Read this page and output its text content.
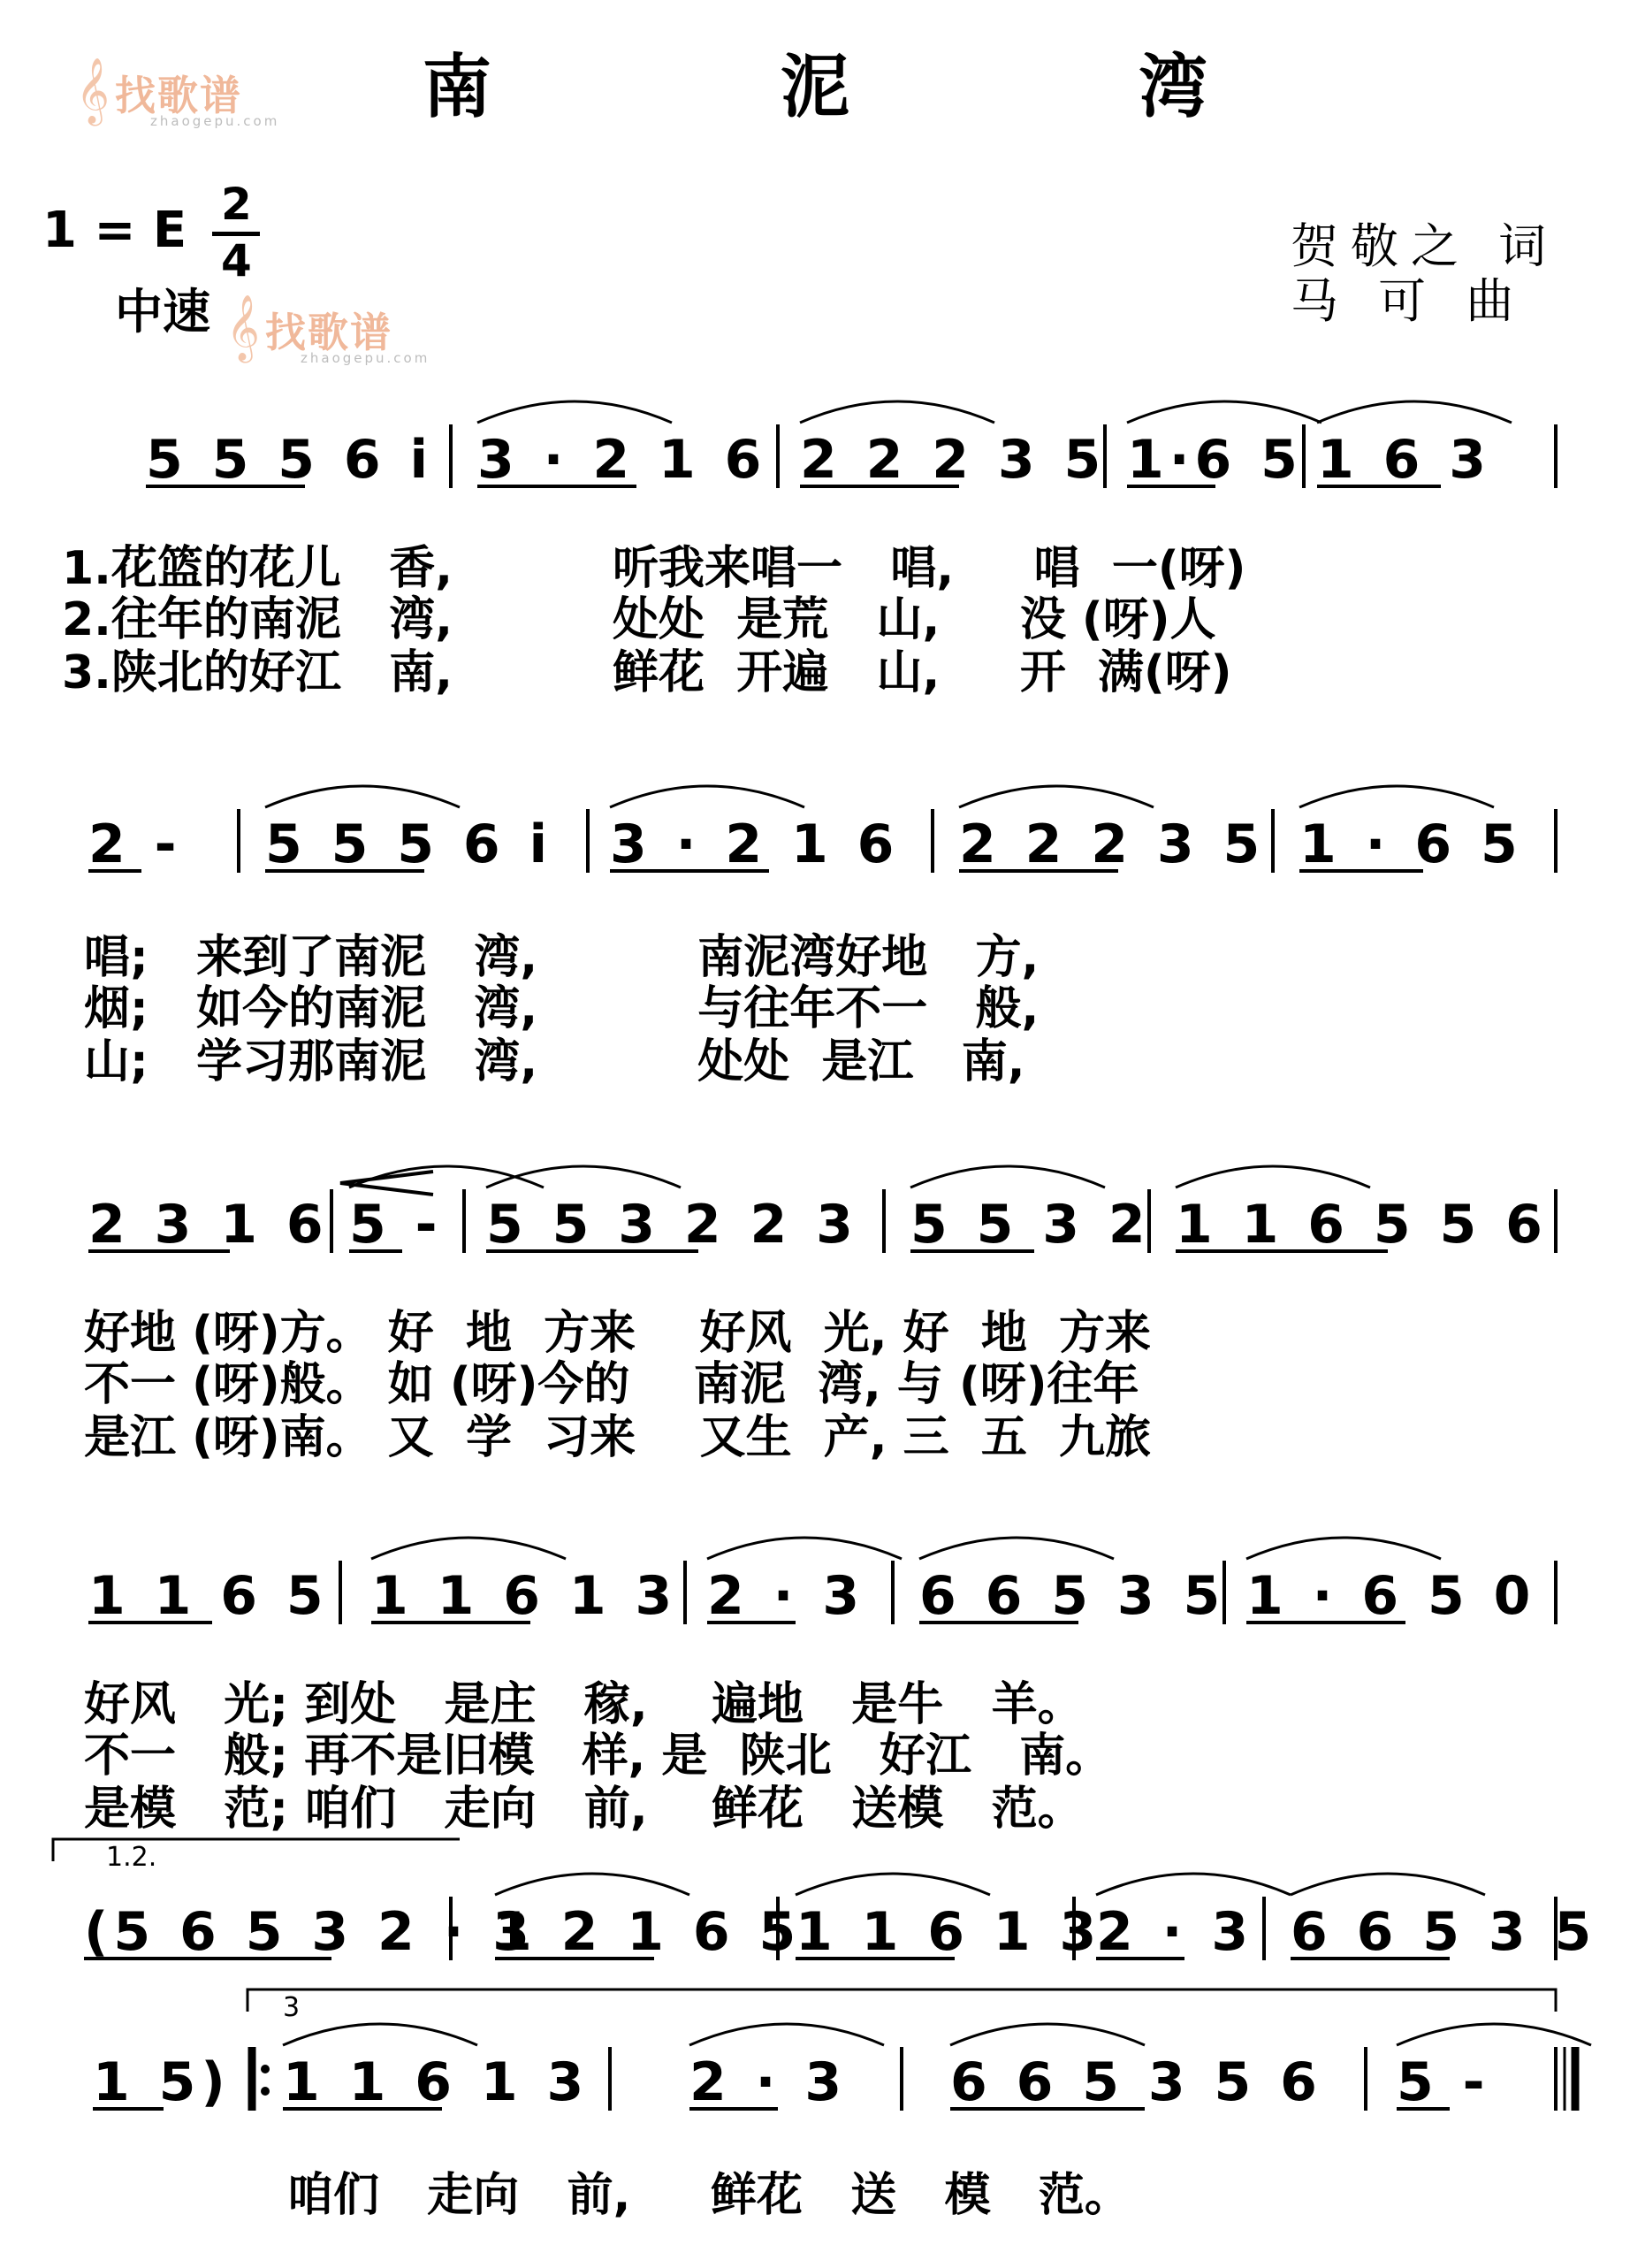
南 泥 湾
𝄞 找歌谱
zhaogepu.com
𝄞 找歌谱
zhaogepu.com
1 = E 2
4
中速
贺敬之 词
马 可 曲
5 5 5 6 i 3 · 2 1 6 2 2 2 3 5 1·6 5 1 6 3
1.花篮的花儿   香,          听我来唱一   唱,     唱  一(呀)
2.往年的南泥   湾,          处处  是荒   山,     没 (呀)人
3.陕北的好江   南,          鲜花  开遍   山,     开  满(呀)
2 - 5 5 5 6 i 3 · 2 1 6 2 2 2 3 5 1 · 6 5
唱;   来到了南泥   湾,          南泥湾好地   方,
烟;   如今的南泥   湾,          与往年不一   般,
山;   学习那南泥   湾,          处处  是江   南,
2 3 1 6 5 - 5 5 3 2 2 3 5 5 3 2 1 1 6 5 5 6
好地 (呀)方。 好  地  方来    好风  光, 好  地  方来
不一 (呀)般。 如 (呀)今的    南泥  湾, 与 (呀)往年
是江 (呀)南。 又  学  习来    又生  产, 三  五  九旅
1 1 6 5 1 1 6 1 3 2 · 3 6 6 5 3 5 1 · 6 5 0
好风   光; 到处   是庄   稼,    遍地   是牛   羊。
不一   般; 再不是旧模   样, 是  陕北   好江   南。
是模   范; 咱们   走向   前,    鲜花   送模   范。
(5 6 5 3 2 · 3
1 2 1 6 5
1 1 6 1 3
2 · 3 6 6 5 3 5
1.2.
1 5) 1 1 6 1 3 2 · 3 6 6 5 3 5 6 5 -
3
咱们   走向   前,     鲜花   送   模   范。
